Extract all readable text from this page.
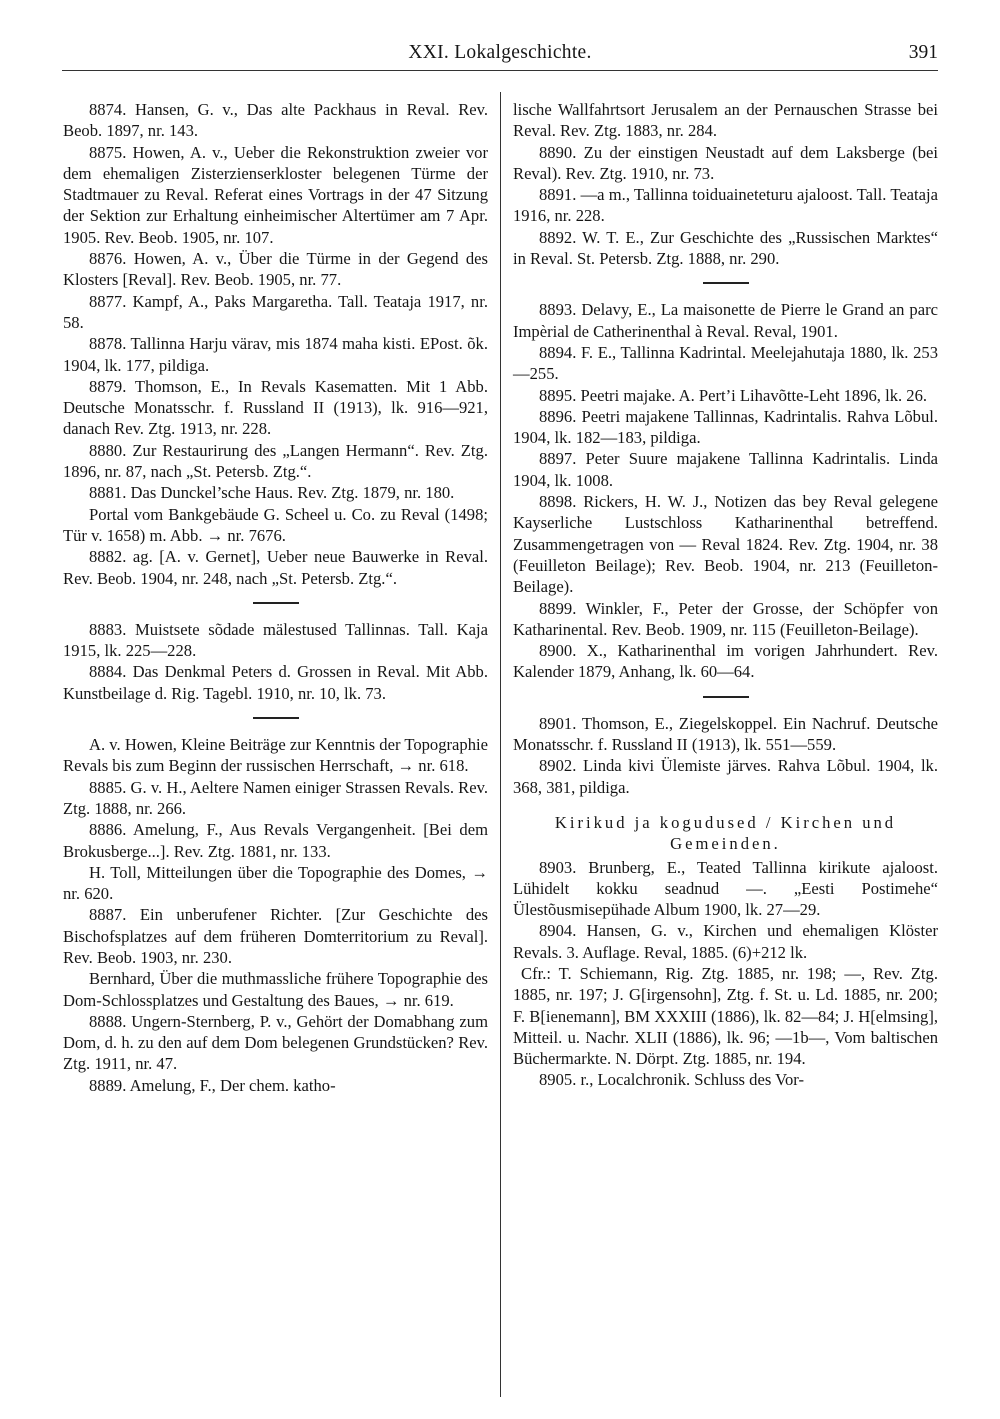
XXI. Lokalgeschichte.	391

8874. Hansen, G. v., Das alte Packhaus in Reval. Rev. Beob. 1897, nr. 143.

8875. Howen, A. v., Ueber die Rekonstruktion zweier vor dem ehemaligen Zisterzienserkloster belegenen Türme der Stadtmauer zu Reval. Referat eines Vortrags in der 47 Sitzung der Sektion zur Erhaltung einheimischer Altertümer am 7 Apr. 1905. Rev. Beob. 1905, nr. 107.

8876. Howen, A. v., Über die Türme in der Gegend des Klosters [Reval]. Rev. Beob. 1905, nr. 77.

8877. Kampf, A., Paks Margaretha. Tall. Teataja 1917, nr. 58.

8878. Tallinna Harju värav, mis 1874 maha kisti. EPost. õk. 1904, lk. 177, pildiga.

8879. Thomson, E., In Revals Kasematten. Mit 1 Abb. Deutsche Monatsschr. f. Russland II (1913), lk. 916—921, danach Rev. Ztg. 1913, nr. 228.

8880. Zur Restaurirung des „Langen Hermann“. Rev. Ztg. 1896, nr. 87, nach „St. Petersb. Ztg.“.

8881. Das Dunckel’sche Haus. Rev. Ztg. 1879, nr. 180.

Portal vom Bankgebäude G. Scheel u. Co. zu Reval (1498; Tür v. 1658) m. Abb. → nr. 7676.

8882. ag. [A. v. Gernet], Ueber neue Bauwerke in Reval. Rev. Beob. 1904, nr. 248, nach „St. Petersb. Ztg.“.

8883. Muistsete sõdade mälestused Tallinnas. Tall. Kaja 1915, lk. 225—228.

8884. Das Denkmal Peters d. Grossen in Reval. Mit Abb. Kunstbeilage d. Rig. Tagebl. 1910, nr. 10, lk. 73.

A. v. Howen, Kleine Beiträge zur Kenntnis der Topographie Revals bis zum Beginn der russischen Herrschaft, → nr. 618.

8885. G. v. H., Aeltere Namen einiger Strassen Revals. Rev. Ztg. 1888, nr. 266.

8886. Amelung, F., Aus Revals Vergangenheit. [Bei dem Brokusberge...]. Rev. Ztg. 1881, nr. 133.

H. Toll, Mitteilungen über die Topographie des Domes, → nr. 620.

8887. Ein unberufener Richter. [Zur Geschichte des Bischofsplatzes auf dem früheren Domterritorium zu Reval]. Rev. Beob. 1903, nr. 230.

Bernhard, Über die muthmassliche frühere Topographie des Dom-Schlossplatzes und Gestaltung des Baues, → nr. 619.

8888. Ungern-Sternberg, P. v., Gehört der Domabhang zum Dom, d. h. zu den auf dem Dom belegenen Grundstücken? Rev. Ztg. 1911, nr. 47.

8889. Amelung, F., Der chem. katho-

lische Wallfahrtsort Jerusalem an der Pernauschen Strasse bei Reval. Rev. Ztg. 1883, nr. 284.

8890. Zu der einstigen Neustadt auf dem Laksberge (bei Reval). Rev. Ztg. 1910, nr. 73.

8891. —a m., Tallinna toiduaineteturu ajaloost. Tall. Teataja 1916, nr. 228.

8892. W. T. E., Zur Geschichte des „Russischen Marktes“ in Reval. St. Petersb. Ztg. 1888, nr. 290.

8893. Delavy, E., La maisonette de Pierre le Grand an parc Impèrial de Catherinenthal à Reval. Reval, 1901.

8894. F. E., Tallinna Kadrintal. Meelejahutaja 1880, lk. 253—255.

8895. Peetri majake. A. Pert’i Lihavõtte-Leht 1896, lk. 26.

8896. Peetri majakene Tallinnas, Kadrintalis. Rahva Lõbul. 1904, lk. 182—183, pildiga.

8897. Peter Suure majakene Tallinna Kadrintalis. Linda 1904, lk. 1008.

8898. Rickers, H. W. J., Notizen das bey Reval gelegene Kayserliche Lustschloss Katharinenthal betreffend. Zusammengetragen von — Reval 1824. Rev. Ztg. 1904, nr. 38 (Feuilleton Beilage); Rev. Beob. 1904, nr. 213 (Feuilleton-Beilage).

8899. Winkler, F., Peter der Grosse, der Schöpfer von Katharinental. Rev. Beob. 1909, nr. 115 (Feuilleton-Beilage).

8900. X., Katharinenthal im vorigen Jahrhundert. Rev. Kalender 1879, Anhang, lk. 60—64.

8901. Thomson, E., Ziegelskoppel. Ein Nachruf. Deutsche Monatsschr. f. Russland II (1913), lk. 551—559.

8902. Linda kivi Ülemiste järves. Rahva Lõbul. 1904, lk. 368, 381, pildiga.

Kirikud ja kogudused / Kirchen und Gemeinden.

8903. Brunberg, E., Teated Tallinna kirikute ajaloost. Lühidelt kokku seadnud —. „Eesti Postimehe“ Ülestõusmisepühade Album 1900, lk. 27—29.

8904. Hansen, G. v., Kirchen und ehemaligen Klöster Revals. 3. Auflage. Reval, 1885. (6)+212 lk.

Cfr.: T. Schiemann, Rig. Ztg. 1885, nr. 198; —, Rev. Ztg. 1885, nr. 197; J. G[irgensohn], Ztg. f. St. u. Ld. 1885, nr. 200; F. B[ienemann], BM XXXIII (1886), lk. 82—84; J. H[elmsing], Mitteil. u. Nachr. XLII (1886), lk. 96; —1b—, Vom baltischen Büchermarkte. N. Dörpt. Ztg. 1885, nr. 194.

8905. r., Localchronik. Schluss des Vor-
